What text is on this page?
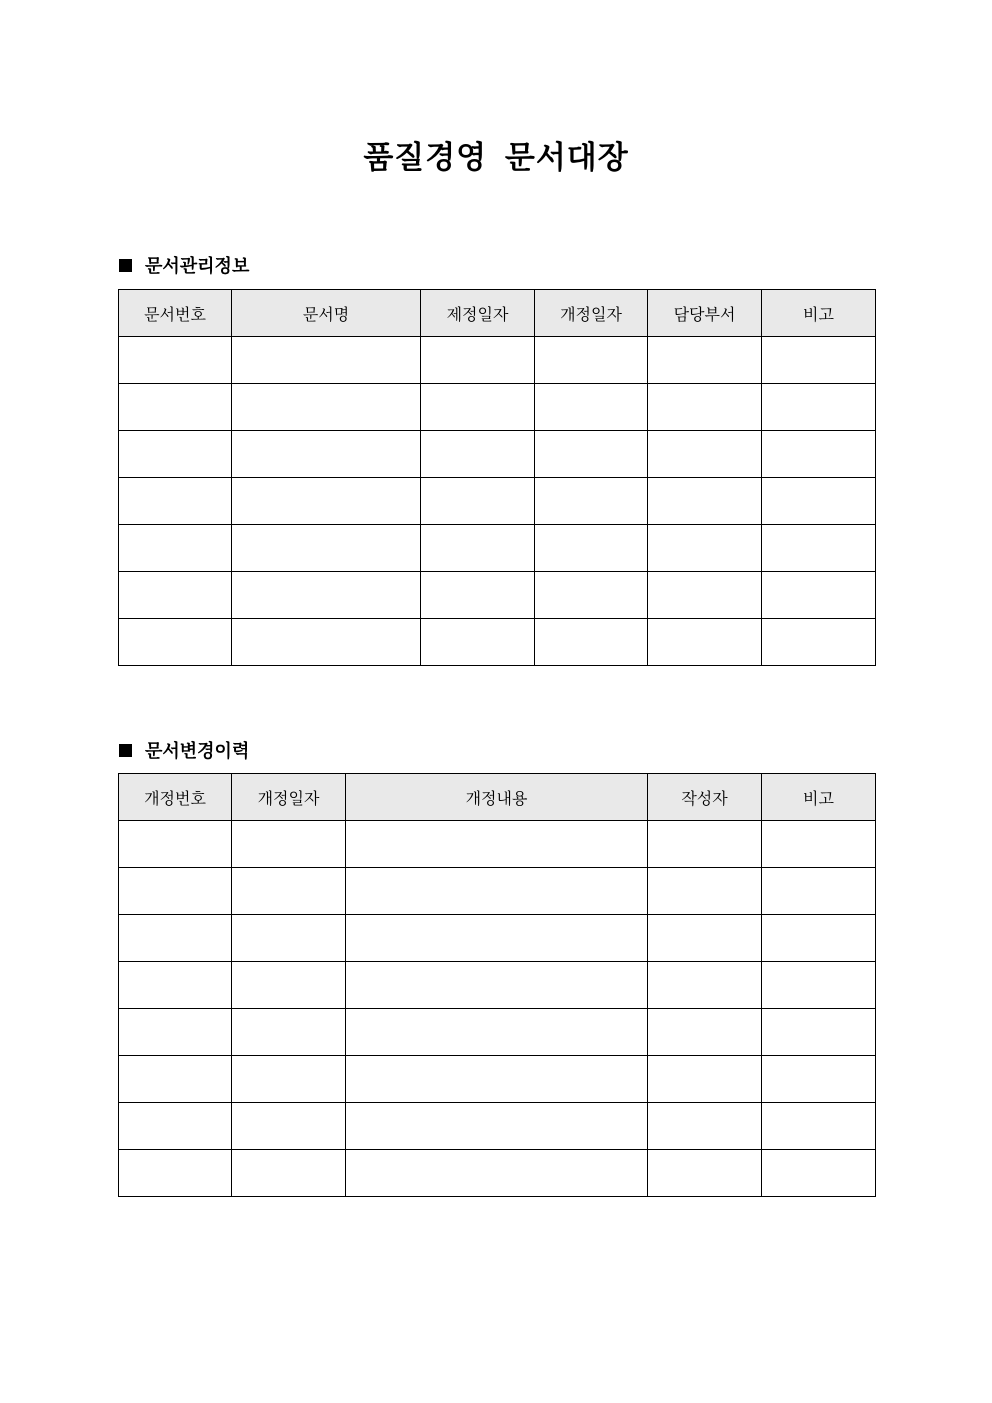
품질경영 문서대장
문서관리정보
문서번호	문서명	제정일자	개정일자	담당부서	비고

문서변경이력
개정번호	개정일자	개정내용	작성자	비고
